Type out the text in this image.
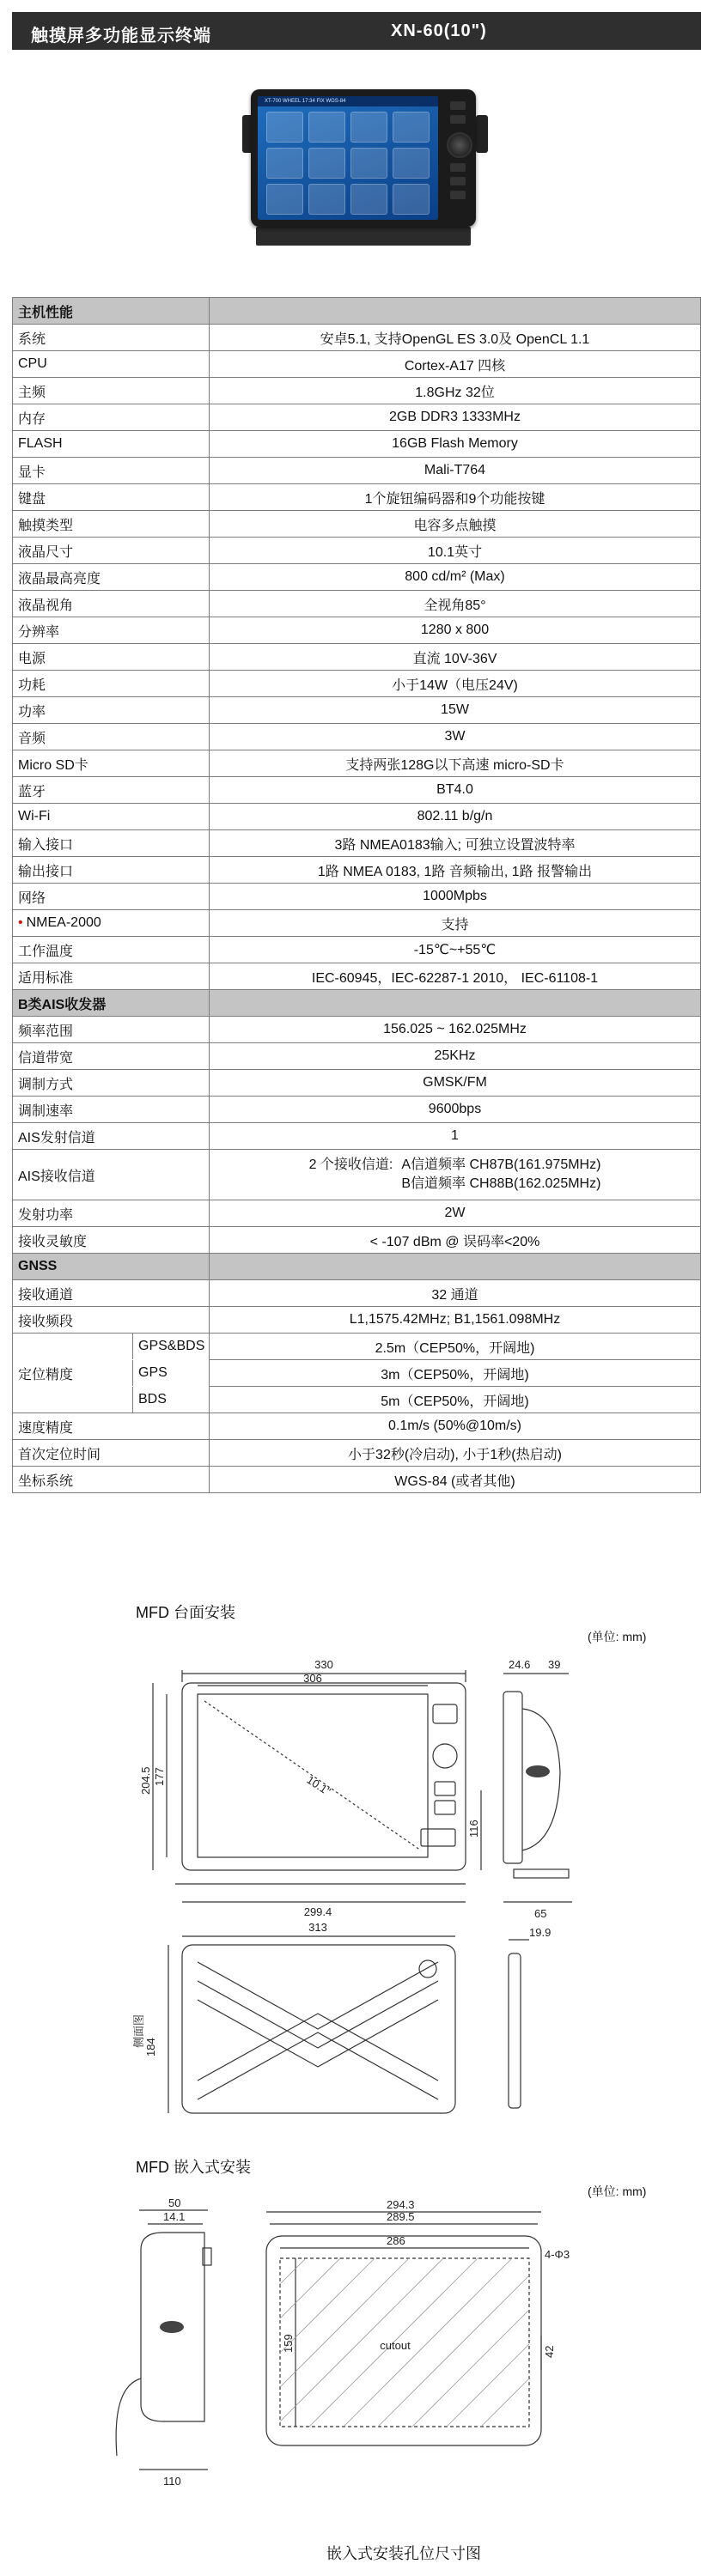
触摸屏多功能显示终端	XN-60(10")
XT-700 WHEEL 17:34 FIX WGS-84
主机性能	
系统	安卓5.1, 支持OpenGL ES 3.0及 OpenCL 1.1
CPU	Cortex-A17 四核
主频	1.8GHz 32位
内存	2GB DDR3 1333MHz
FLASH	16GB Flash Memory
显卡	Mali-T764
键盘	1个旋钮编码器和9个功能按键
触摸类型	电容多点触摸
液晶尺寸	10.1英寸
液晶最高亮度	800 cd/m² (Max)
液晶视角	全视角85°
分辨率	1280 x 800
电源	直流 10V-36V
功耗	小于14W（电压24V)
功率	15W
音频	3W
Micro SD卡	支持两张128G以下高速 micro-SD卡
蓝牙	BT4.0
Wi-Fi	802.11 b/g/n
输入接口	3路 NMEA0183输入; 可独立设置波特率
输出接口	1路 NMEA 0183, 1路 音频输出, 1路 报警输出
网络	1000Mpbs
• NMEA-2000	支持
工作温度	-15℃~+55℃
适用标准	IEC-60945，IEC-62287-1 2010， IEC-61108-1
B类AIS收发器	
频率范围	156.025 ~ 162.025MHz
信道带宽	25KHz
调制方式	GMSK/FM
调制速率	9600bps
AIS发射信道	1
AIS接收信道	2 个接收信道: A信道频率 CH87B(161.975MHz)
B信道频率 CH88B(162.025MHz)

发射功率	2W
接收灵敏度	< -107 dBm @ 误码率<20%
GNSS	
接收通道	32 通道
接收频段	L1,1575.42MHz; B1,1561.098MHz

定位精度	GPS&BDS 2.5m（CEP50%，开阔地)

	GPS 3m（CEP50%，开阔地)

	BDS 5m（CEP50%，开阔地)

速度精度	0.1m/s (50%@10m/s)
首次定位时间	小于32秒(冷启动), 小于1秒(热启动)
坐标系统	WGS-84 (或者其他)
MFD 台面安装
(单位: mm)
330
306
10.1"
204.5 177
116
299.4
24.6 39
65
313
184
侧面图
19.9
MFD 嵌入式安装
(单位: mm)
50
14.1
110
294.3
289.5
286
159	42
4-Φ3
cutout
嵌入式安装孔位尺寸图
